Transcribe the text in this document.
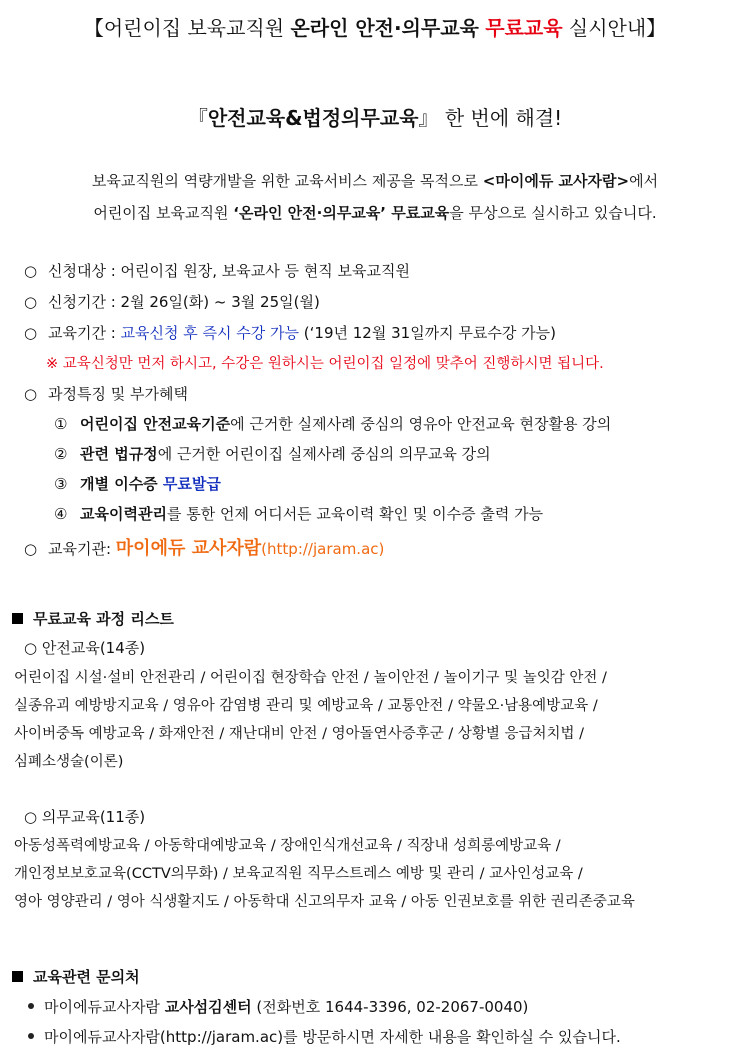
【어린이집 보육교직원 온라인 안전·의무교육 무료교육 실시안내】
『안전교육&법정의무교육』 한 번에 해결!
보육교직원의 역량개발을 위한 교육서비스 제공을 목적으로 <마이에듀 교사자람>에서
어린이집 보육교직원 ‘온라인 안전·의무교육’ 무료교육을 무상으로 실시하고 있습니다.
○ 신청대상 : 어린이집 원장, 보육교사 등 현직 보육교직원
○ 신청기간 : 2월 26일(화) ~ 3월 25일(월)
○ 교육기간 : 교육신청 후 즉시 수강 가능 (‘19년 12월 31일까지 무료수강 가능)
※ 교육신청만 먼저 하시고, 수강은 원하시는 어린이집 일정에 맞추어 진행하시면 됩니다.
○ 과정특징 및 부가혜택
① 어린이집 안전교육기준에 근거한 실제사례 중심의 영유아 안전교육 현장활용 강의
② 관련 법규정에 근거한 어린이집 실제사례 중심의 의무교육 강의
③ 개별 이수증 무료발급
④ 교육이력관리를 통한 언제 어디서든 교육이력 확인 및 이수증 출력 가능
○ 교육기관: 마이에듀 교사자람(http://jaram.ac)
무료교육 과정 리스트
○ 안전교육(14종)
어린이집 시설·설비 안전관리 / 어린이집 현장학습 안전 / 놀이안전 / 놀이기구 및 놀잇감 안전 /
실종유괴 예방방지교육 / 영유아 감염병 관리 및 예방교육 / 교통안전 / 약물오·남용예방교육 /
사이버중독 예방교육 / 화재안전 / 재난대비 안전 / 영아돌연사증후군 / 상황별 응급처치법 /
심폐소생술(이론)
○ 의무교육(11종)
아동성폭력예방교육 / 아동학대예방교육 / 장애인식개선교육 / 직장내 성희롱예방교육 /
개인정보보호교육(CCTV의무화) / 보육교직원 직무스트레스 예방 및 관리 / 교사인성교육 /
영아 영양관리 / 영아 식생활지도 / 아동학대 신고의무자 교육 / 아동 인권보호를 위한 권리존중교육
교육관련 문의처
마이에듀교사자람 교사섬김센터 (전화번호 1644-3396, 02-2067-0040)
마이에듀교사자람(http://jaram.ac)를 방문하시면 자세한 내용을 확인하실 수 있습니다.
